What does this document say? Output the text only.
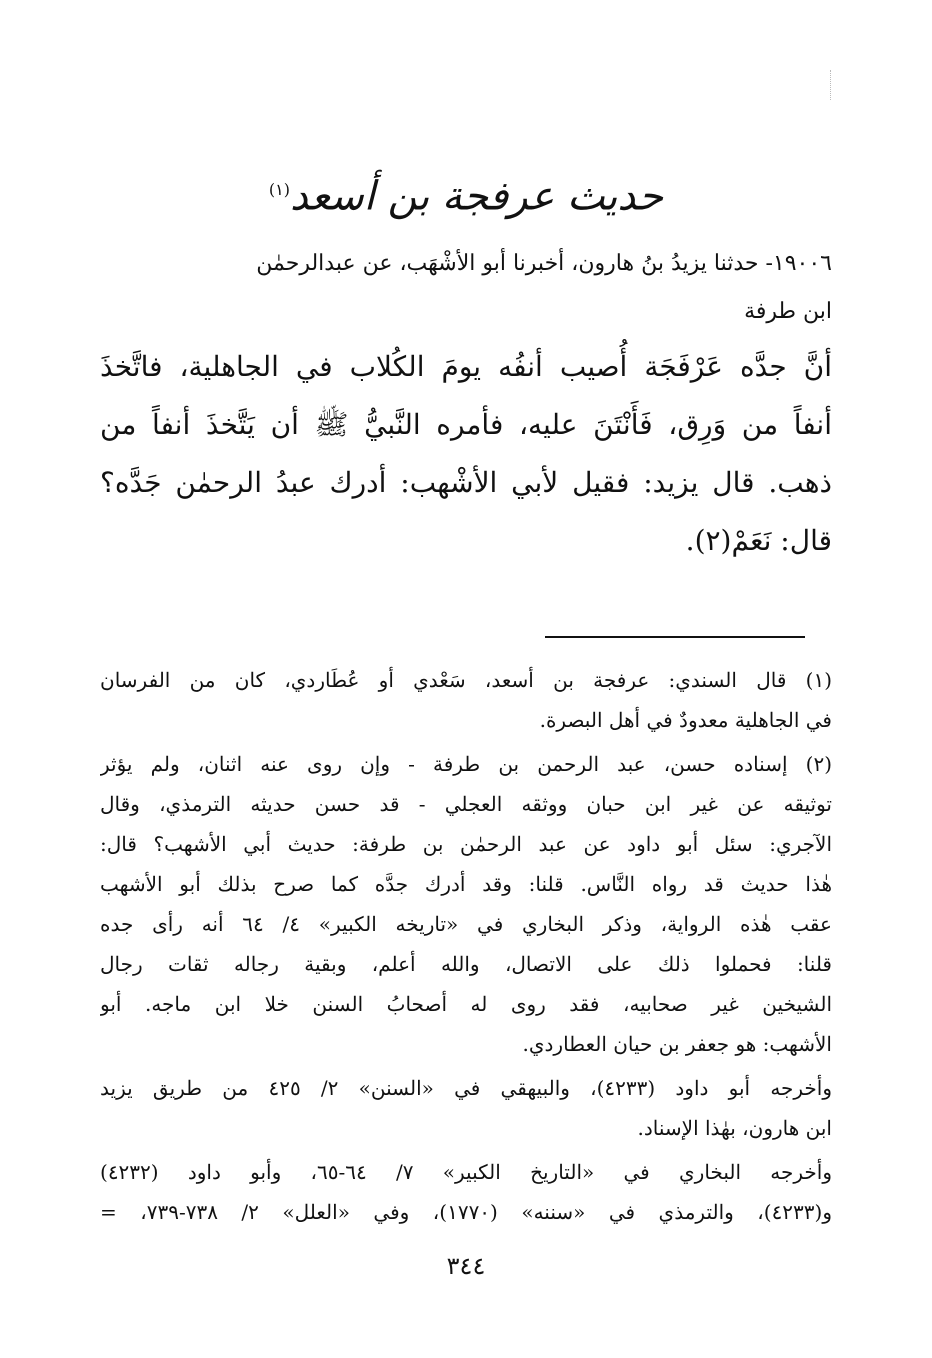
حديث عرفجة بن أسعد$^{(١)}$
١٩٠٠٦- حدثنا يزيدُ بنُ هارون، أخبرنا أبو الأشْهَب، عن عبدالرحمٰن
ابن طرفة
أنَّ جدَّه عَرْفَجَة أُصيب أنفُه يومَ الكُلاب في الجاهلية، فاتَّخذَ
أنفاً من وَرِق، فَأَنْتَنَ عليه، فأمره النَّبيُّ ﷺ أن يَتَّخذَ أنفاً من
ذهب. قال يزيد: فقيل لأبي الأشْهب: أدرك عبدُ الرحمٰن جَدَّه؟
قال: نَعَمْ(٢).
(١) قال السندي: عرفجة بن أسعد، سَعْدي أو عُطَاردي، كان من الفرسان
في الجاهلية معدودٌ في أهل البصرة.
(٢) إسناده حسن، عبد الرحمن بن طرفة - وإن روى عنه اثنان، ولم يؤثر
توثيقه عن غير ابن حبان ووثقه العجلي - قد حسن حديثه الترمذي، وقال
الآجري: سئل أبو داود عن عبد الرحمٰن بن طرفة: حديث أبي الأشهب؟ قال:
هٰذا حديث قد رواه النَّاس. قلنا: وقد أدرك جدَّه كما صرح بذلك أبو الأشهب
عقب هٰذه الرواية، وذكر البخاري في «تاريخه الكبير» ٤/ ٦٤ أنه رأى جده
قلنا: فحملوا ذلك على الاتصال، والله أعلم، وبقية رجاله ثقات رجال
الشيخين غير صحابيه، فقد روى له أصحابُ السنن خلا ابن ماجه. أبو
الأشهب: هو جعفر بن حيان العطاردي.
وأخرجه أبو داود (٤٢٣٣)، والبيهقي في «السنن» ٢/ ٤٢٥ من طريق يزيد
ابن هارون، بهٰذا الإسناد.
وأخرجه البخاري في «التاريخ الكبير» ٧/ ٦٤-٦٥، وأبو داود (٤٢٣٢)
و(٤٢٣٣)، والترمذي في «سننه» (١٧٧٠)، وفي «العلل» ٢/ ٧٣٨-٧٣٩، =
٣٤٤
